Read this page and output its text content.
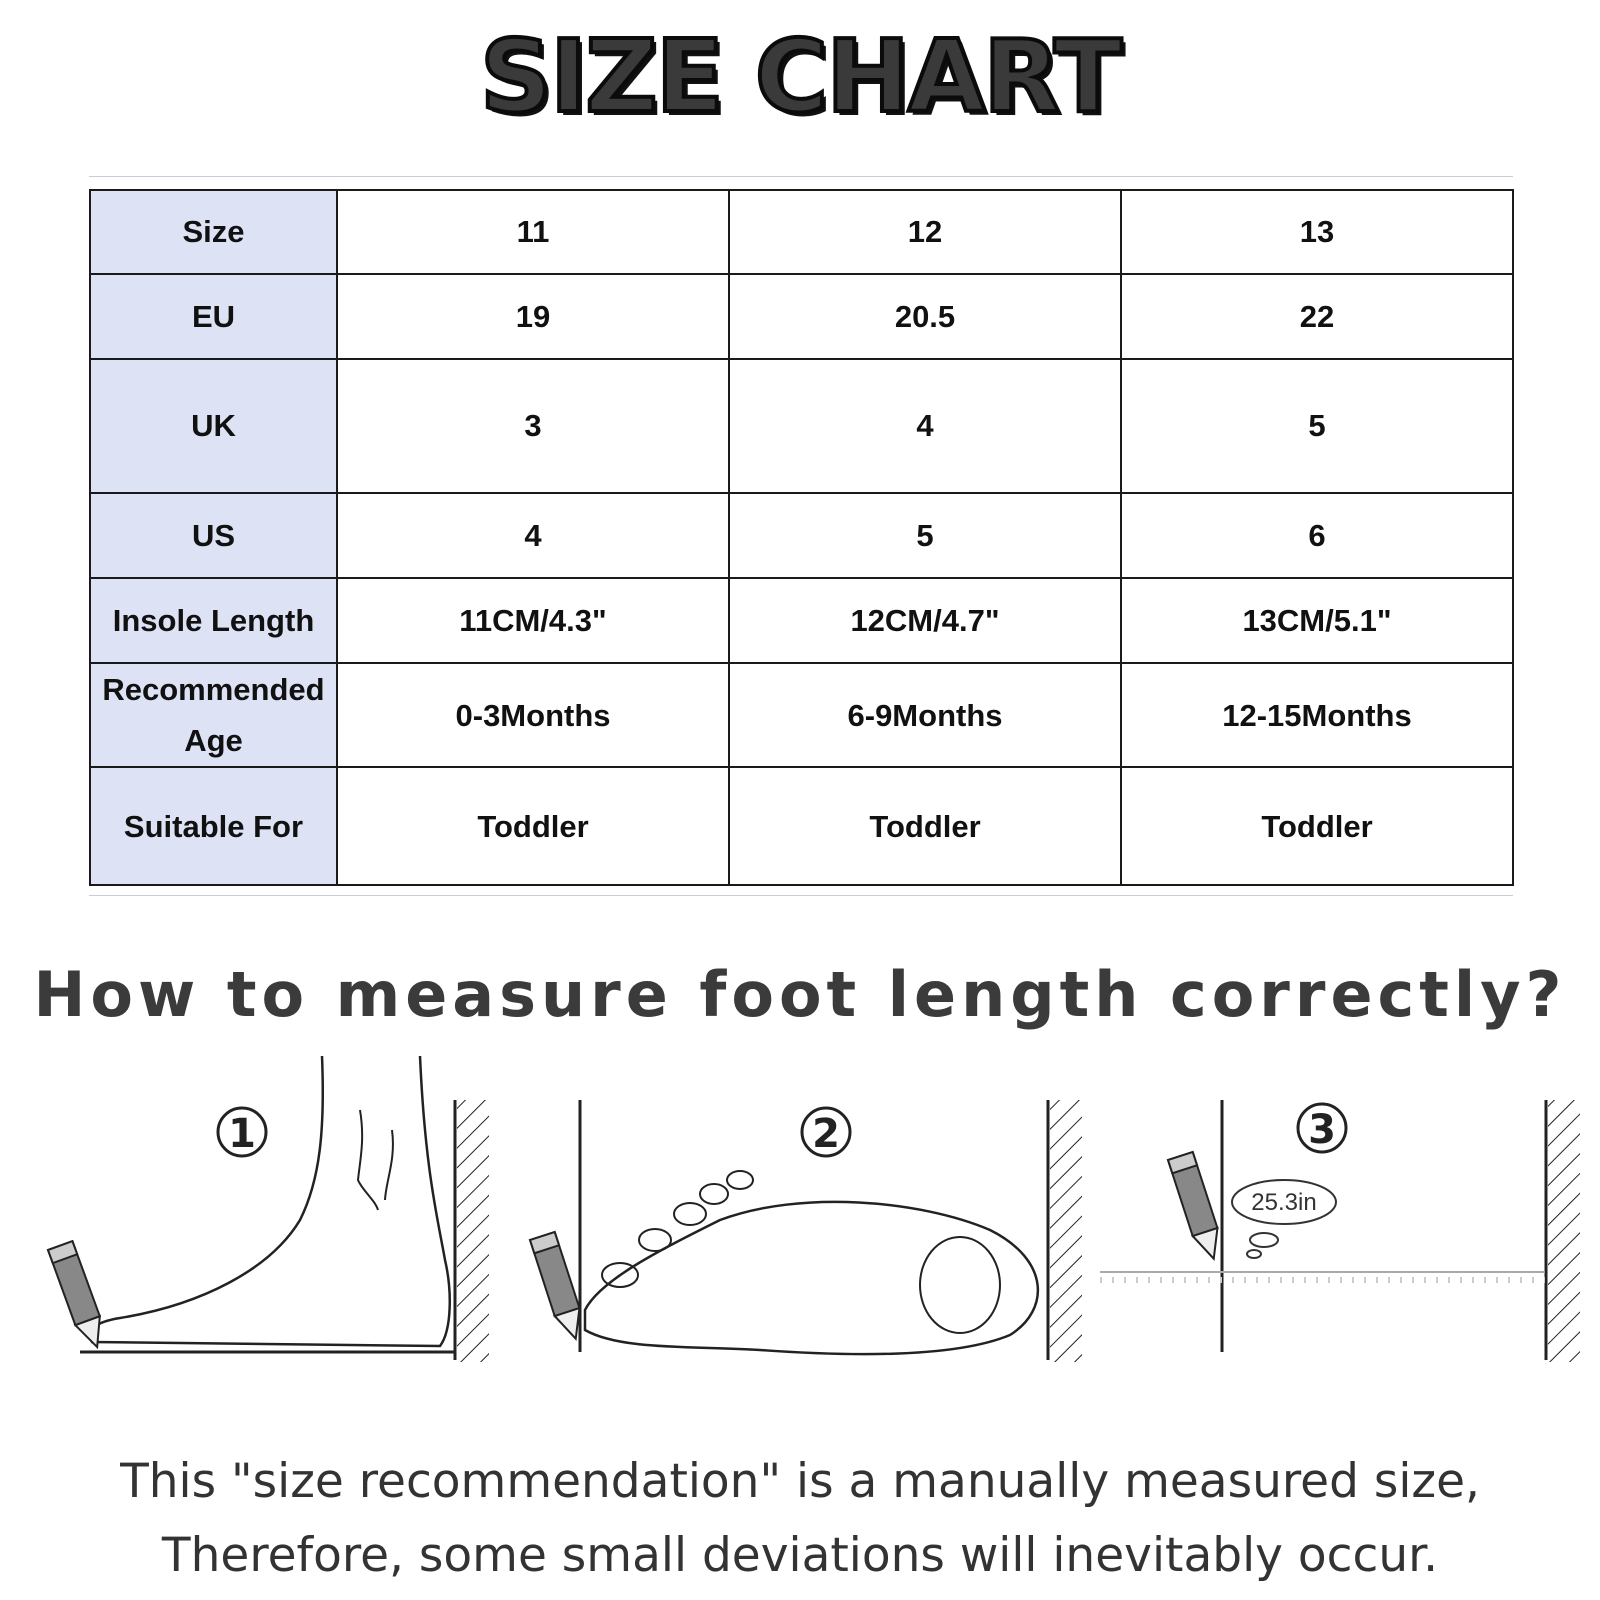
SIZE CHART
Size	11	12	13
EU	19	20.5	22
UK	3	4	5
US	4	5	6
Insole Length	11CM/4.3"	12CM/4.7"	13CM/5.1"
Recommended Age	0-3Months	6-9Months	12-15Months
Suitable For	Toddler	Toddler	Toddler
How to measure foot length correctly?
1	2	3
25.3in
This "size recommendation" is a manually measured size,
Therefore, some small deviations will inevitably occur.
